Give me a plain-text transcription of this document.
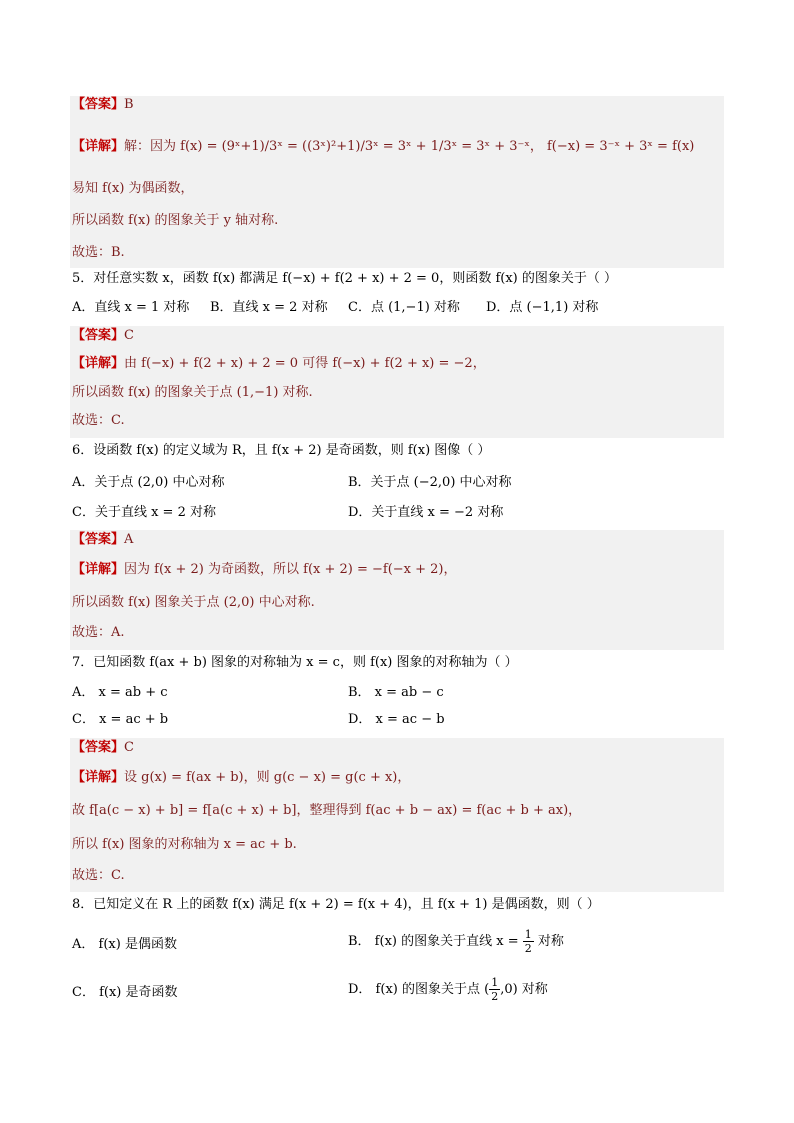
【答案】B
【详解】解：因为 f(x) = (9ˣ+1)/3ˣ = ((3ˣ)²+1)/3ˣ = 3ˣ + 1/3ˣ = 3ˣ + 3⁻ˣ， f(−x) = 3⁻ˣ + 3ˣ = f(x)
易知 f(x) 为偶函数，
所以函数 f(x) 的图象关于 y 轴对称.
故选：B.
5．对任意实数 x，函数 f(x) 都满足 f(−x) + f(2 + x) + 2 = 0，则函数 f(x) 的图象关于（ ）
A．直线 x = 1 对称 B．直线 x = 2 对称 C．点 (1,−1) 对称 D．点 (−1,1) 对称
【答案】C
【详解】由 f(−x) + f(2 + x) + 2 = 0 可得 f(−x) + f(2 + x) = −2，
所以函数 f(x) 的图象关于点 (1,−1) 对称.
故选：C.
6．设函数 f(x) 的定义域为 R，且 f(x + 2) 是奇函数，则 f(x) 图像（ ）
A．关于点 (2,0) 中心对称	B．关于点 (−2,0) 中心对称
C．关于直线 x = 2 对称	D．关于直线 x = −2 对称
【答案】A
【详解】因为 f(x + 2) 为奇函数，所以 f(x + 2) = −f(−x + 2)，
所以函数 f(x) 图象关于点 (2,0) 中心对称.
故选：A.
7．已知函数 f(ax + b) 图象的对称轴为 x = c，则 f(x) 图象的对称轴为（ ）
A． x = ab + c	B． x = ab − c
C． x = ac + b	D． x = ac − b
【答案】C
【详解】设 g(x) = f(ax + b)，则 g(c − x) = g(c + x)，
故 f[a(c − x) + b] = f[a(c + x) + b]，整理得到 f(ac + b − ax) = f(ac + b + ax)，
所以 f(x) 图象的对称轴为 x = ac + b.
故选：C.
8．已知定义在 R 上的函数 f(x) 满足 f(x + 2) = f(x + 4)，且 f(x + 1) 是偶函数，则（ ）
A． f(x) 是偶函数	B． f(x) 的图象关于直线 $x = \frac{1}{2}$ 对称
C． f(x) 是奇函数	D． f(x) 的图象关于点 ( $\frac{1}{2} ,0$) 对称
